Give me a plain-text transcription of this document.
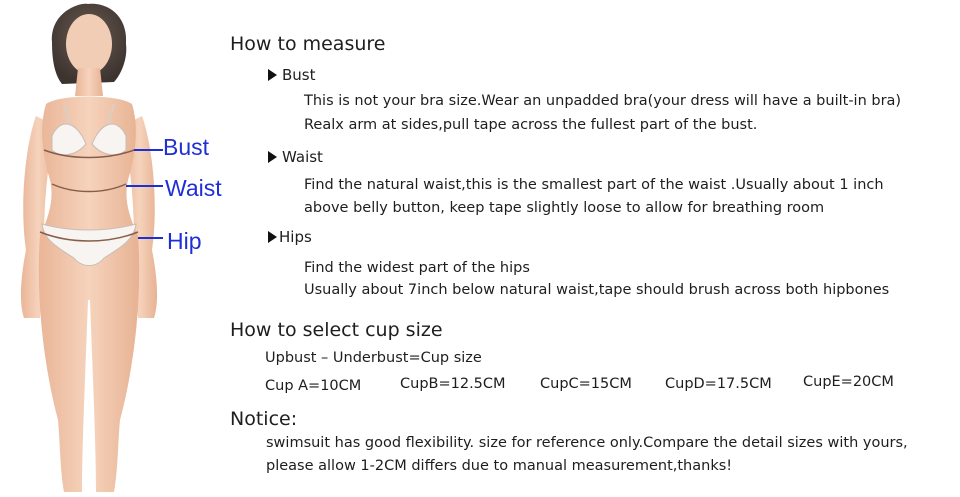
Bust
Waist
Hip
How to measure
Bust
This is not your bra size.Wear an unpadded bra(your dress will have a built-in bra)
Realx arm at sides,pull tape across the fullest part of the bust.
Waist
Find the natural waist,this is the smallest part of the waist .Usually about 1 inch
above belly button, keep tape slightly loose to allow for breathing room
Hips
Find the widest part of the hips
Usually about 7inch below natural waist,tape should brush across both hipbones
How to select cup size
Upbust – Underbust=Cup size
Cup A=10CM	CupB=12.5CM CupC=15CM CupD=17.5CM CupE=20CM
Notice:
swimsuit has good flexibility. size for reference only.Compare the detail sizes with yours,
please allow 1-2CM differs due to manual measurement,thanks!
